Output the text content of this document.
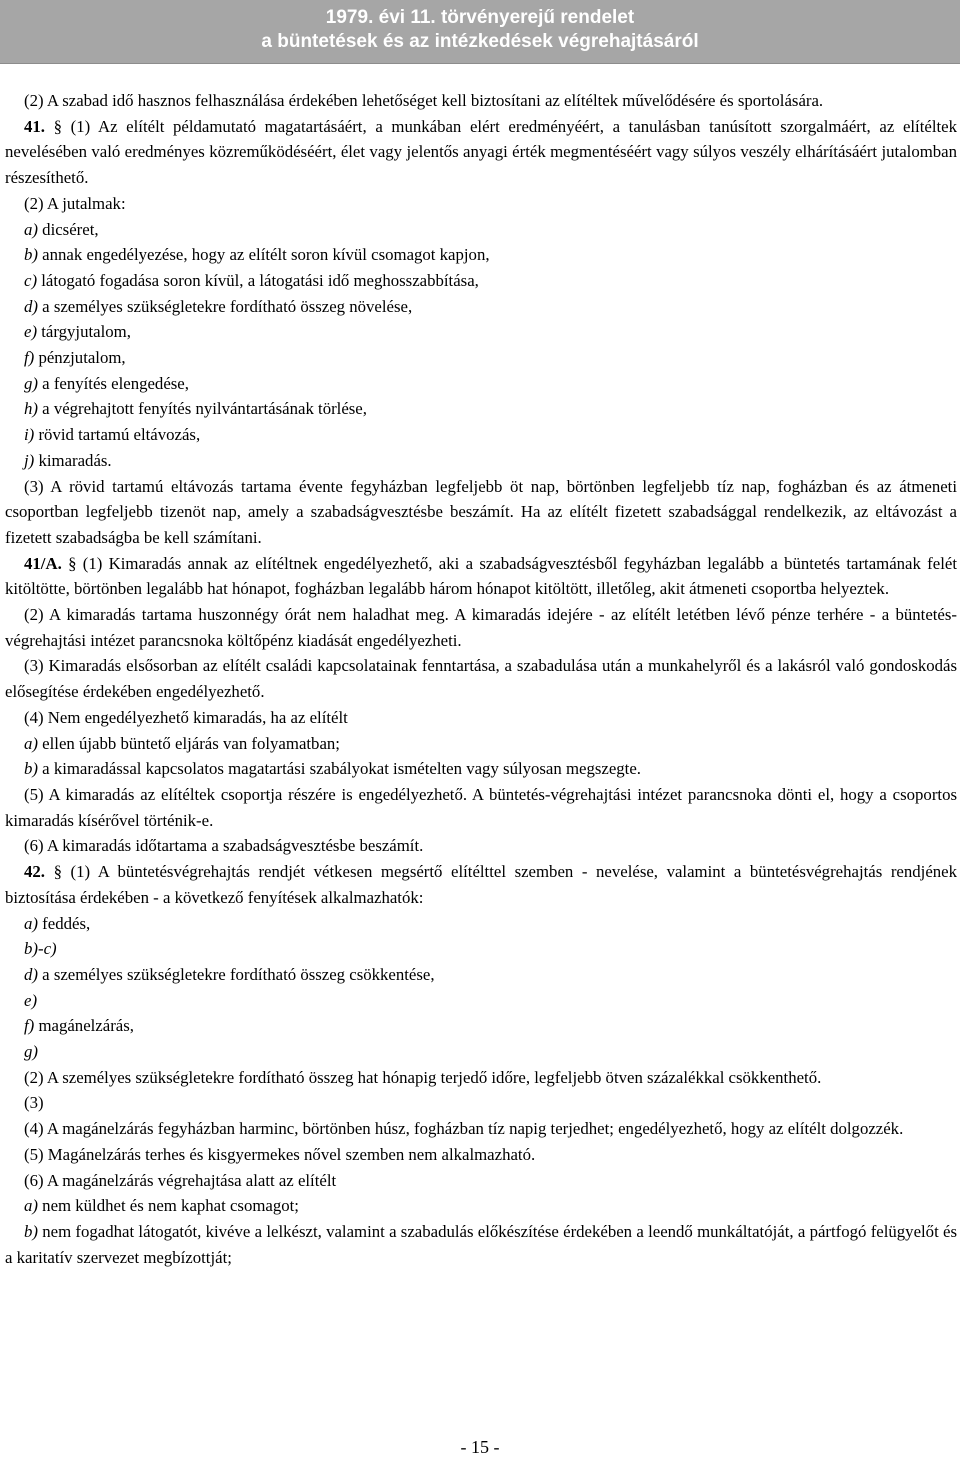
1979. évi 11. törvényerejű rendelet
a büntetések és az intézkedések végrehajtásáról

(2) A szabad idő hasznos felhasználása érdekében lehetőséget kell biztosítani az elítéltek művelődésére és sportolására.

41. § (1) Az elítélt példamutató magatartásáért, a munkában elért eredményéért, a tanulásban tanúsított szorgalmáért, az elítéltek nevelésében való eredményes közreműködéséért, élet vagy jelentős anyagi érték megmentéséért vagy súlyos veszély elhárításáért jutalomban részesíthető.

(2) A jutalmak:

a) dicséret,

b) annak engedélyezése, hogy az elítélt soron kívül csomagot kapjon,

c) látogató fogadása soron kívül, a látogatási idő meghosszabbítása,

d) a személyes szükségletekre fordítható összeg növelése,

e) tárgyjutalom,

f) pénzjutalom,

g) a fenyítés elengedése,

h) a végrehajtott fenyítés nyilvántartásának törlése,

i) rövid tartamú eltávozás,

j) kimaradás.

(3) A rövid tartamú eltávozás tartama évente fegyházban legfeljebb öt nap, börtönben legfeljebb tíz nap, fogházban és az átmeneti csoportban legfeljebb tizenöt nap, amely a szabadságvesztésbe beszámít. Ha az elítélt fizetett szabadsággal rendelkezik, az eltávozást a fizetett szabadságba be kell számítani.

41/A. § (1) Kimaradás annak az elítéltnek engedélyezhető, aki a szabadságvesztésből fegyházban legalább a büntetés tartamának felét kitöltötte, börtönben legalább hat hónapot, fogházban legalább három hónapot kitöltött, illetőleg, akit átmeneti csoportba helyeztek.

(2) A kimaradás tartama huszonnégy órát nem haladhat meg. A kimaradás idejére - az elítélt letétben lévő pénze terhére - a büntetés-végrehajtási intézet parancsnoka költőpénz kiadását engedélyezheti.

(3) Kimaradás elsősorban az elítélt családi kapcsolatainak fenntartása, a szabadulása után a munkahelyről és a lakásról való gondoskodás elősegítése érdekében engedélyezhető.

(4) Nem engedélyezhető kimaradás, ha az elítélt

a) ellen újabb büntető eljárás van folyamatban;

b) a kimaradással kapcsolatos magatartási szabályokat ismételten vagy súlyosan megszegte.

(5) A kimaradás az elítéltek csoportja részére is engedélyezhető. A büntetés-végrehajtási intézet parancsnoka dönti el, hogy a csoportos kimaradás kísérővel történik-e.

(6) A kimaradás időtartama a szabadságvesztésbe beszámít.

42. § (1) A büntetésvégrehajtás rendjét vétkesen megsértő elítélttel szemben - nevelése, valamint a büntetésvégrehajtás rendjének biztosítása érdekében - a következő fenyítések alkalmazhatók:

a) feddés,

b)-c)

d) a személyes szükségletekre fordítható összeg csökkentése,

e)

f) magánelzárás,

g)

(2) A személyes szükségletekre fordítható összeg hat hónapig terjedő időre, legfeljebb ötven százalékkal csökkenthető.

(3)

(4) A magánelzárás fegyházban harminc, börtönben húsz, fogházban tíz napig terjedhet; engedélyezhető, hogy az elítélt dolgozzék.

(5) Magánelzárás terhes és kisgyermekes nővel szemben nem alkalmazható.

(6) A magánelzárás végrehajtása alatt az elítélt

a) nem küldhet és nem kaphat csomagot;

b) nem fogadhat látogatót, kivéve a lelkészt, valamint a szabadulás előkészítése érdekében a leendő munkáltatóját, a pártfogó felügyelőt és a karitatív szervezet megbízottját;

- 15 -
